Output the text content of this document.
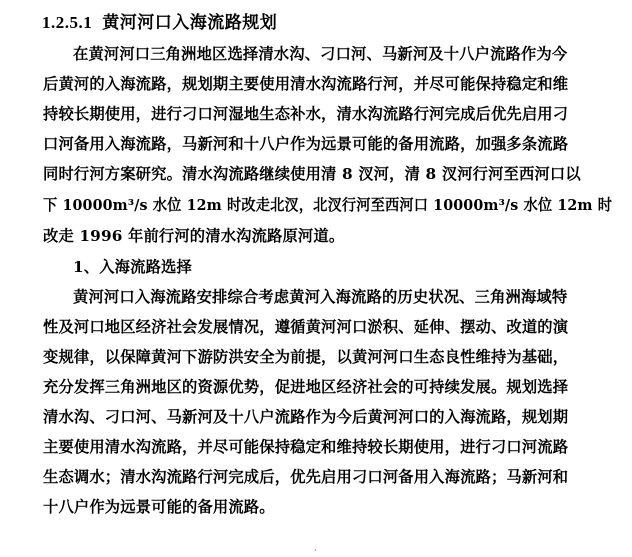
1.2.5.1 黄河河口入海流路规划
在黄河河口三角洲地区选择清水沟、刁口河、马新河及十八户流路作为今
后黄河的入海流路，规划期主要使用清水沟流路行河，并尽可能保持稳定和维
持较长期使用，进行刁口河湿地生态补水，清水沟流路行河完成后优先启用刁
口河备用入海流路，马新河和十八户作为远景可能的备用流路，加强多条流路
同时行河方案研究。清水沟流路继续使用清 8 汊河，清 8 汊河行河至西河口以
下 10000m³/s 水位 12m 时改走北汊，北汊行河至西河口 10000m³/s 水位 12m 时
改走 1996 年前行河的清水沟流路原河道。
1、入海流路选择
黄河河口入海流路安排综合考虑黄河入海流路的历史状况、三角洲海域特
性及河口地区经济社会发展情况，遵循黄河河口淤积、延伸、摆动、改道的演
变规律，以保障黄河下游防洪安全为前提，以黄河河口生态良性维持为基础，
充分发挥三角洲地区的资源优势，促进地区经济社会的可持续发展。规划选择
清水沟、刁口河、马新河及十八户流路作为今后黄河河口的入海流路，规划期
主要使用清水沟流路，并尽可能保持稳定和维持较长期使用，进行刁口河流路
生态调水；清水沟流路行河完成后，优先启用刁口河备用入海流路；马新河和
十八户作为远景可能的备用流路。
·
